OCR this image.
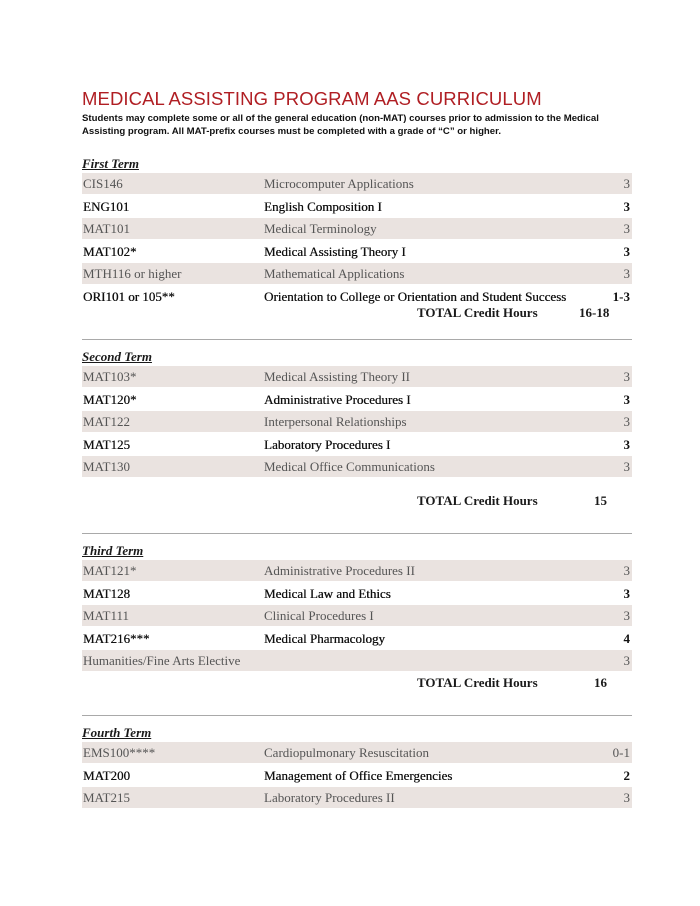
MEDICAL ASSISTING PROGRAM AAS CURRICULUM
Students may complete some or all of the general education (non-MAT) courses prior to admission to the Medical Assisting program. All MAT-prefix courses must be completed with a grade of “C” or higher.
First Term
CIS146	Microcomputer Applications	3
ENG101	English Composition I	3
MAT101	Medical Terminology	3
MAT102*	Medical Assisting Theory I	3
MTH116 or higher	Mathematical Applications	3
ORI101 or 105**	Orientation to College or Orientation and Student Success	1-3
TOTAL Credit Hours	16-18
Second Term
MAT103*	Medical Assisting Theory II	3
MAT120*	Administrative Procedures I	3
MAT122	Interpersonal Relationships	3
MAT125	Laboratory Procedures I	3
MAT130	Medical Office Communications	3
TOTAL Credit Hours	15
Third Term
MAT121*	Administrative Procedures II	3
MAT128	Medical Law and Ethics	3
MAT111	Clinical Procedures I	3
MAT216***	Medical Pharmacology	4
Humanities/Fine Arts Elective	3
TOTAL Credit Hours	16
Fourth Term
EMS100****	Cardiopulmonary Resuscitation	0-1
MAT200	Management of Office Emergencies	2
MAT215	Laboratory Procedures II	3
